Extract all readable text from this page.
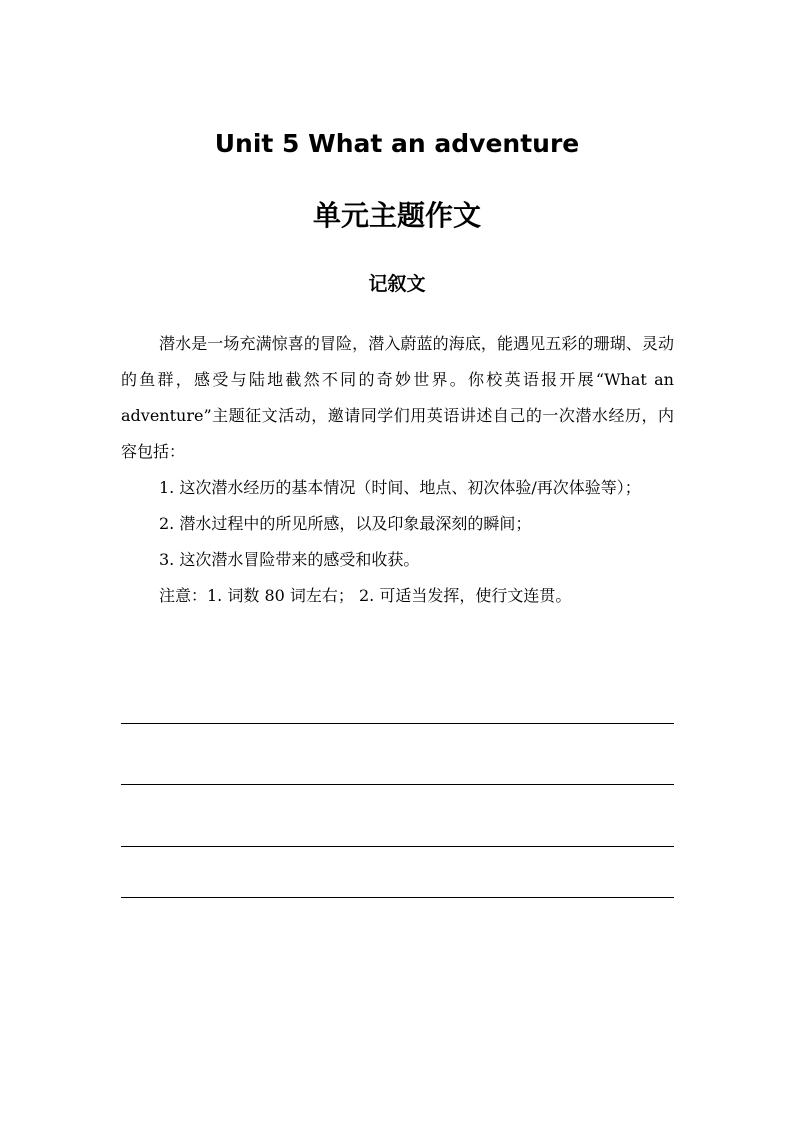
Unit 5 What an adventure
单元主题作文
记叙文

潜水是一场充满惊喜的冒险，潜入蔚蓝的海底，能遇见五彩的珊瑚、灵动的鱼群，感受与陆地截然不同的奇妙世界。你校英语报开展“What an adventure”主题征文活动，邀请同学们用英语讲述自己的一次潜水经历，内容包括：

1. 这次潜水经历的基本情况（时间、地点、初次体验/再次体验等）；

2. 潜水过程中的所见所感，以及印象最深刻的瞬间；

3. 这次潜水冒险带来的感受和收获。

注意：1. 词数 80 词左右； 2. 可适当发挥，使行文连贯。
